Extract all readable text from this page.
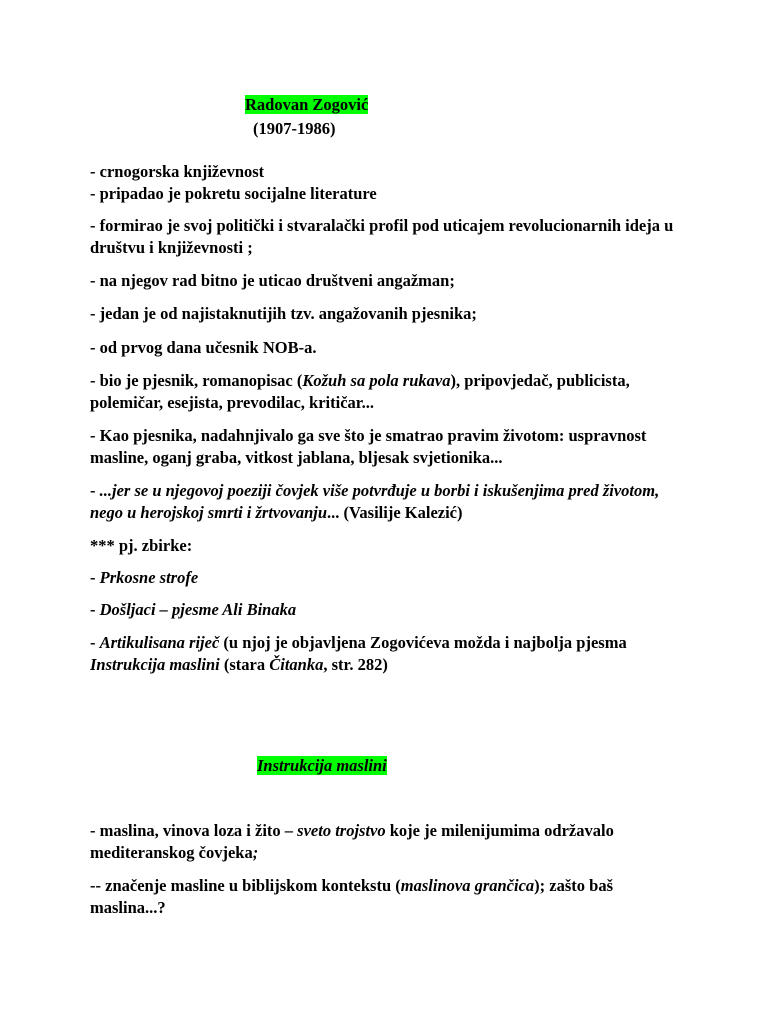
Radovan Zogović
(1907-1986)

- crnogorska književnost

- pripadao je pokretu socijalne literature

- formirao je svoj politički i stvaralački profil pod uticajem revolucionarnih ideja u društvu i književnosti ;

- na njegov rad bitno je uticao društveni angažman;

- jedan je od najistaknutijih tzv. angažovanih pjesnika;

- od prvog dana učesnik NOB-a.

- bio je pjesnik, romanopisac (Kožuh sa pola rukava), pripovjedač, publicista, polemičar, esejista, prevodilac, kritičar...

- Kao pjesnika, nadahnjivalo ga sve što je smatrao pravim životom: uspravnost masline, oganj graba, vitkost jablana, bljesak svjetionika...

- ...jer se u njegovoj poeziji čovjek više potvrđuje u borbi i iskušenjima pred životom, nego u herojskoj smrti i žrtvovanju... (Vasilije Kalezić)

*** pj. zbirke:

- Prkosne strofe

- Došljaci – pjesme Ali Binaka

- Artikulisana riječ (u njoj je objavljena Zogovićeva možda i najbolja pjesma Instrukcija maslini (stara Čitanka, str. 282)

Instrukcija maslini

- maslina, vinova loza i žito – sveto trojstvo koje je milenijumima održavalo mediteranskog čovjeka;

-- značenje masline u biblijskom kontekstu (maslinova grančica); zašto baš maslina...?
